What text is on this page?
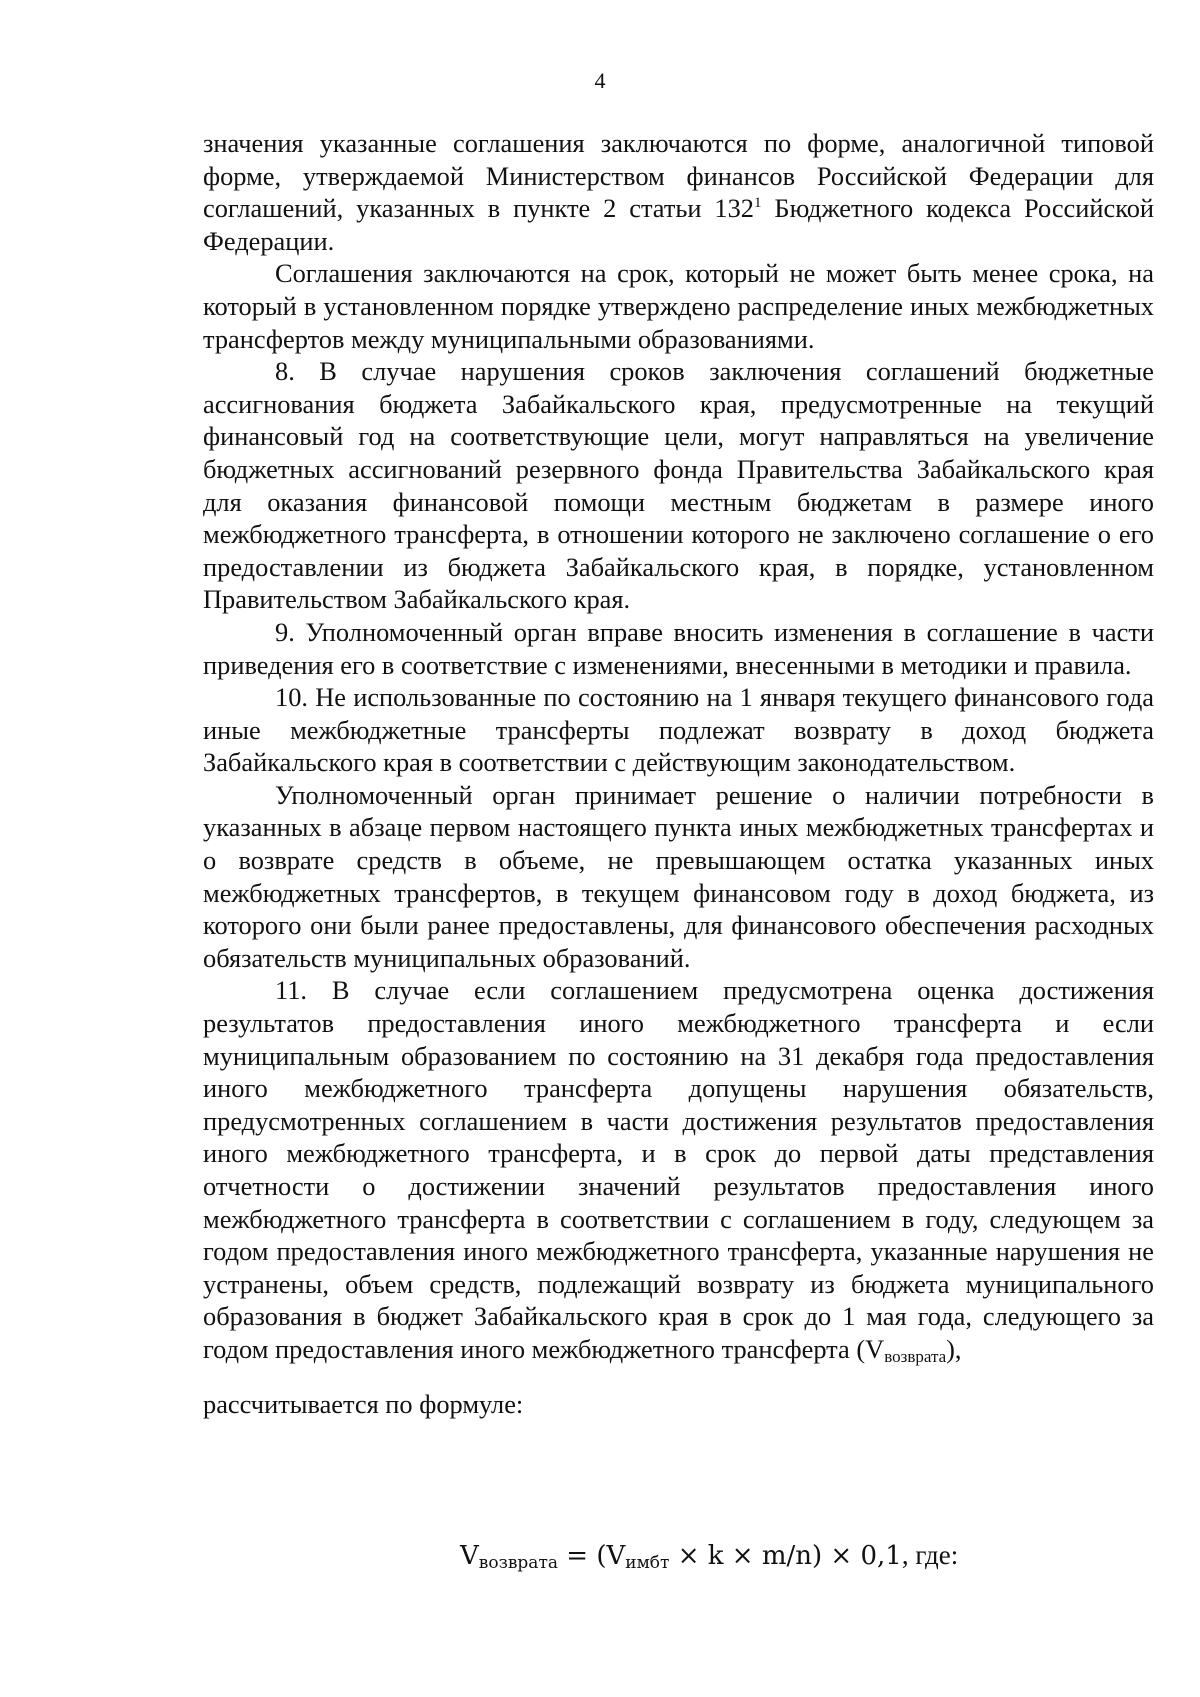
4

значения указанные соглашения заключаются по форме, аналогичной типовой форме, утверждаемой Министерством финансов Российской Федерации для соглашений, указанных в пункте 2 статьи $132^1$ Бюджетного кодекса Российской Федерации.

Соглашения заключаются на срок, который не может быть менее срока, на который в установленном порядке утверждено распределение иных межбюджетных трансфертов между муниципальными образованиями.

8. В случае нарушения сроков заключения соглашений бюджетные ассигнования бюджета Забайкальского края, предусмотренные на текущий финансовый год на соответствующие цели, могут направляться на увеличение бюджетных ассигнований резервного фонда Правительства Забайкальского края для оказания финансовой помощи местным бюджетам в размере иного межбюджетного трансферта, в отношении которого не заключено соглашение о его предоставлении из бюджета Забайкальского края, в порядке, установленном Правительством Забайкальского края.

9. Уполномоченный орган вправе вносить изменения в соглашение в части приведения его в соответствие с изменениями, внесенными в методики и правила.

10. Не использованные по состоянию на 1 января текущего финансового года иные межбюджетные трансферты подлежат возврату в доход бюджета Забайкальского края в соответствии с действующим законодательством.

Уполномоченный орган принимает решение о наличии потребности в указанных в абзаце первом настоящего пункта иных межбюджетных трансфертах и о возврате средств в объеме, не превышающем остатка указанных иных межбюджетных трансфертов, в текущем финансовом году в доход бюджета, из которого они были ранее предоставлены, для финансового обеспечения расходных обязательств муниципальных образований.

11. В случае если соглашением предусмотрена оценка достижения результатов предоставления иного межбюджетного трансферта и если муниципальным образованием по состоянию на 31 декабря года предоставления иного межбюджетного трансферта допущены нарушения обязательств, предусмотренных соглашением в части достижения результатов предоставления иного межбюджетного трансферта, и в срок до первой даты представления отчетности о достижении значений результатов предоставления иного межбюджетного трансферта в соответствии с соглашением в году, следующем за годом предоставления иного межбюджетного трансферта, указанные нарушения не устранены, объем средств, подлежащий возврату из бюджета муниципального образования в бюджет Забайкальского края в срок до 1 мая года, следующего за годом предоставления иного межбюджетного трансферта $(V_{возврата})$,

рассчитывается по формуле:

$V_{возврата} = (V_{имбт} \times k \times m/n) \times 0,1$, где:
